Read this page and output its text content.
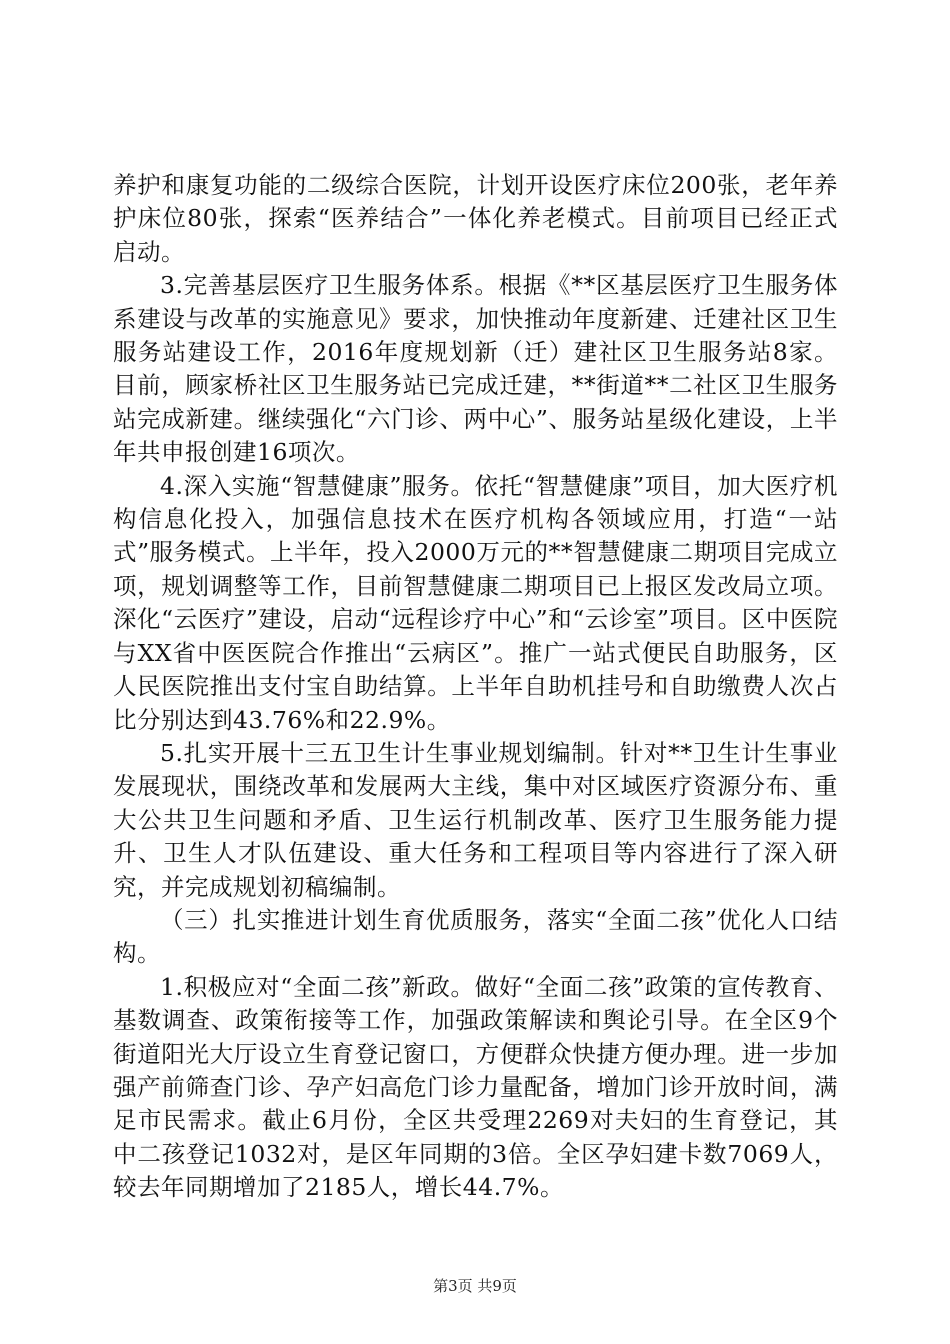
养护和康复功能的二级综合医院，计划开设医疗床位200张，老年养护床位80张，探索“医养结合”一体化养老模式。目前项目已经正式启动。

3.完善基层医疗卫生服务体系。根据《**区基层医疗卫生服务体系建设与改革的实施意见》要求，加快推动年度新建、迁建社区卫生服务站建设工作，2016年度规划新（迁）建社区卫生服务站8家。目前，顾家桥社区卫生服务站已完成迁建，**街道**二社区卫生服务站完成新建。继续强化“六门诊、两中心”、服务站星级化建设，上半年共申报创建16项次。

4.深入实施“智慧健康”服务。依托“智慧健康”项目，加大医疗机构信息化投入，加强信息技术在医疗机构各领域应用，打造“一站式”服务模式。上半年，投入2000万元的**智慧健康二期项目完成立项，规划调整等工作，目前智慧健康二期项目已上报区发改局立项。深化“云医疗”建设，启动“远程诊疗中心”和“云诊室”项目。区中医院与XX省中医医院合作推出“云病区”。推广一站式便民自助服务，区人民医院推出支付宝自助结算。上半年自助机挂号和自助缴费人次占比分别达到43.76%和22.9%。

5.扎实开展十三五卫生计生事业规划编制。针对**卫生计生事业发展现状，围绕改革和发展两大主线，集中对区域医疗资源分布、重大公共卫生问题和矛盾、卫生运行机制改革、医疗卫生服务能力提升、卫生人才队伍建设、重大任务和工程项目等内容进行了深入研究，并完成规划初稿编制。

（三）扎实推进计划生育优质服务，落实“全面二孩”优化人口结构。

1.积极应对“全面二孩”新政。做好“全面二孩”政策的宣传教育、基数调查、政策衔接等工作，加强政策解读和舆论引导。在全区9个街道阳光大厅设立生育登记窗口，方便群众快捷方便办理。进一步加强产前筛查门诊、孕产妇高危门诊力量配备，增加门诊开放时间，满足市民需求。截止6月份，全区共受理2269对夫妇的生育登记，其中二孩登记1032对，是区年同期的3倍。全区孕妇建卡数7069人，较去年同期增加了2185人，增长44.7%。

第3页 共9页
